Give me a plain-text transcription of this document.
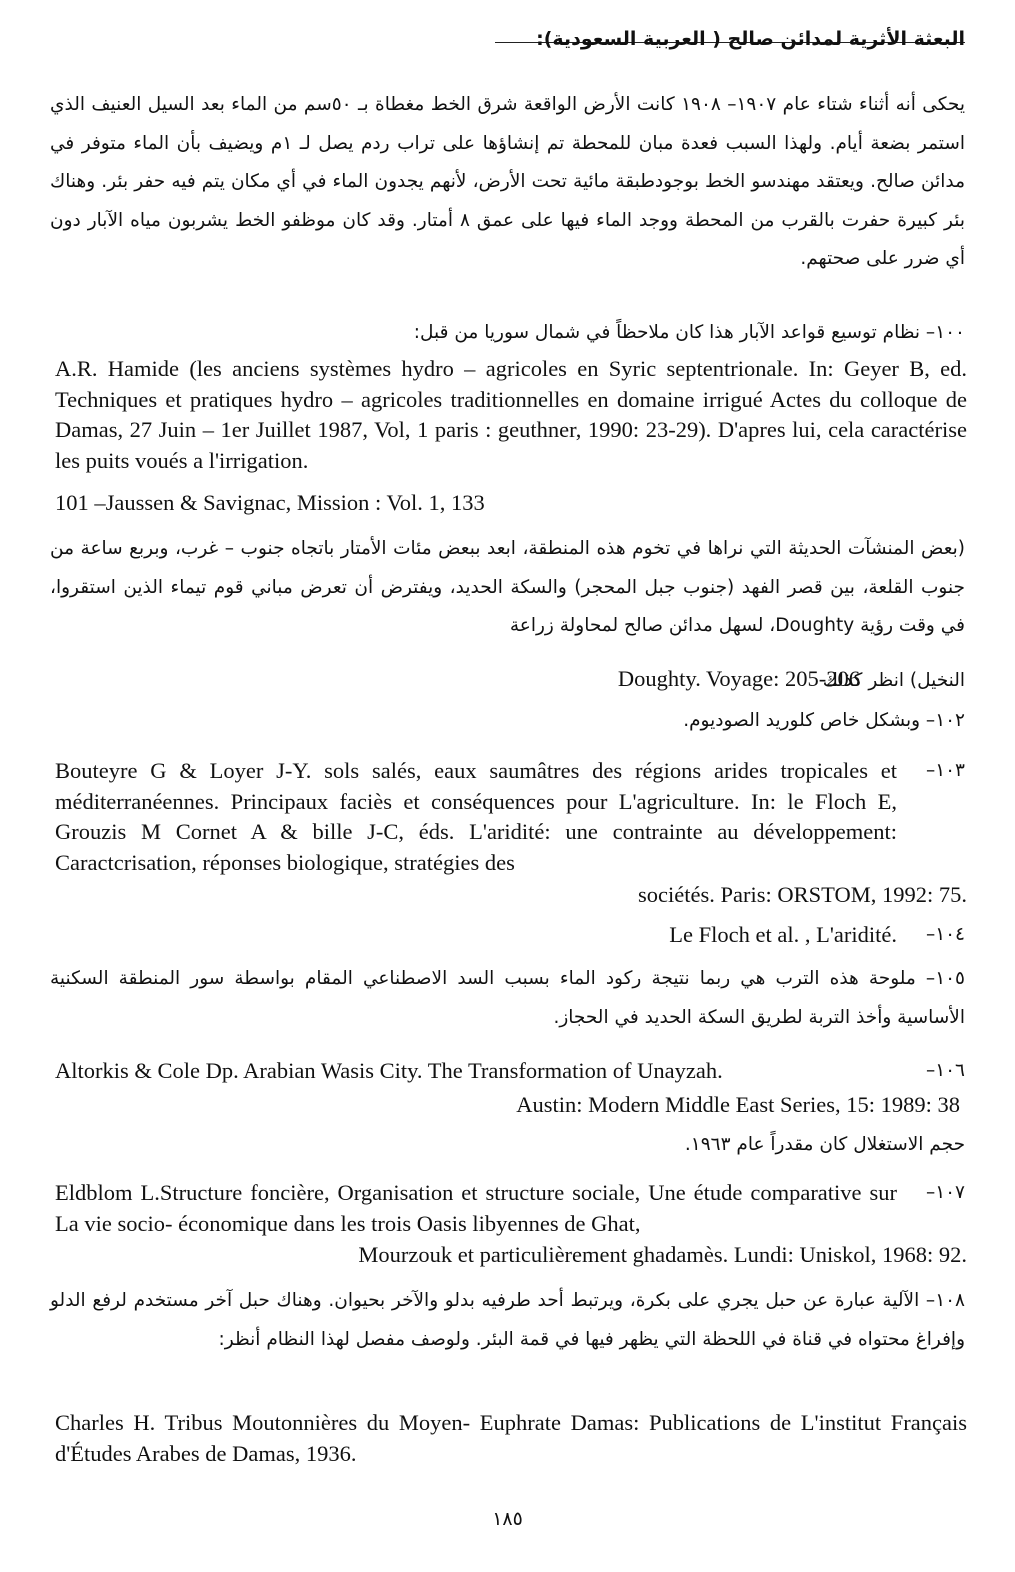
البعثة الأثرية لمدائن صالح ( العربية السعودية):
يحكى أنه أثناء شتاء عام ١٩٠٧– ١٩٠٨ كانت الأرض الواقعة شرق الخط مغطاة بـ ٥٠سم من الماء بعد السيل العنيف الذي استمر بضعة أيام. ولهذا السبب فعدة مبان للمحطة تم إنشاؤها على تراب ردم يصل لـ ١م ويضيف بأن الماء متوفر في مدائن صالح. ويعتقد مهندسو الخط بوجودطبقة مائية تحت الأرض، لأنهم يجدون الماء في أي مكان يتم فيه حفر بئر. وهناك بئر كبيرة حفرت بالقرب من المحطة ووجد الماء فيها على عمق ٨ أمتار. وقد كان موظفو الخط يشربون مياه الآبار دون أي ضرر على صحتهم.
١٠٠– نظام توسيع قواعد الآبار هذا كان ملاحظاً في شمال سوريا من قبل:
A.R. Hamide (les anciens systèmes hydro – agricoles en Syric septentrionale. In: Geyer B, ed. Techniques et pratiques hydro – agricoles traditionnelles en domaine irrigué Actes du colloque de Damas, 27 Juin – 1er Juillet 1987, Vol, 1 paris : geuthner, 1990: 23-29). D'apres lui, cela caractérise les puits voués a l'irrigation.
101 –Jaussen & Savignac, Mission : Vol. 1, 133
(بعض المنشآت الحديثة التي نراها في تخوم هذه المنطقة، ابعد ببعض مئات الأمتار باتجاه جنوب – غرب، وبربع ساعة من جنوب القلعة، بين قصر الفهد (جنوب جبل المحجر) والسكة الحديد، ويفترض أن تعرض مباني قوم تيماء الذين استقروا، في وقت رؤية Doughty، لسهل مدائن صالح لمحاولة زراعة
النخيل) انظر كذلك
Doughty. Voyage: 205-206
١٠٢– وبشكل خاص كلوريد الصوديوم.
١٠٣–
Bouteyre G & Loyer J-Y. sols salés, eaux saumâtres des régions arides tropicales et méditerranéennes. Principaux faciès et conséquences pour L'agriculture. In: le Floch E, Grouzis M Cornet A & bille J-C, éds. L'aridité: une contrainte au développement: Caractcrisation, réponses biologique, stratégies des
sociétés. Paris: ORSTOM, 1992: 75.
١٠٤–
Le Floch et al. , L'aridité.
١٠٥– ملوحة هذه الترب هي ربما نتيجة ركود الماء بسبب السد الاصطناعي المقام بواسطة سور المنطقة السكنية الأساسية وأخذ التربة لطريق السكة الحديد في الحجاز.
١٠٦–
Altorkis & Cole Dp. Arabian Wasis City. The Transformation of Unayzah.
Austin: Modern Middle East Series, 15: 1989: 38
حجم الاستغلال كان مقدراً عام ١٩٦٣.
١٠٧–
Eldblom L.Structure foncière, Organisation et structure sociale, Une étude comparative sur La vie socio- économique dans les trois Oasis libyennes de Ghat,
Mourzouk et particulièrement ghadamès. Lundi: Uniskol, 1968: 92.
١٠٨– الآلية عبارة عن حبل يجري على بكرة، ويرتبط أحد طرفيه بدلو والآخر بحيوان. وهناك حبل آخر مستخدم لرفع الدلو وإفراغ محتواه في قناة في اللحظة التي يظهر فيها في قمة البئر. ولوصف مفصل لهذا النظام أنظر:
Charles H. Tribus Moutonnières du Moyen- Euphrate Damas: Publications de L'institut Français d'Études Arabes de Damas, 1936.
١٨٥
